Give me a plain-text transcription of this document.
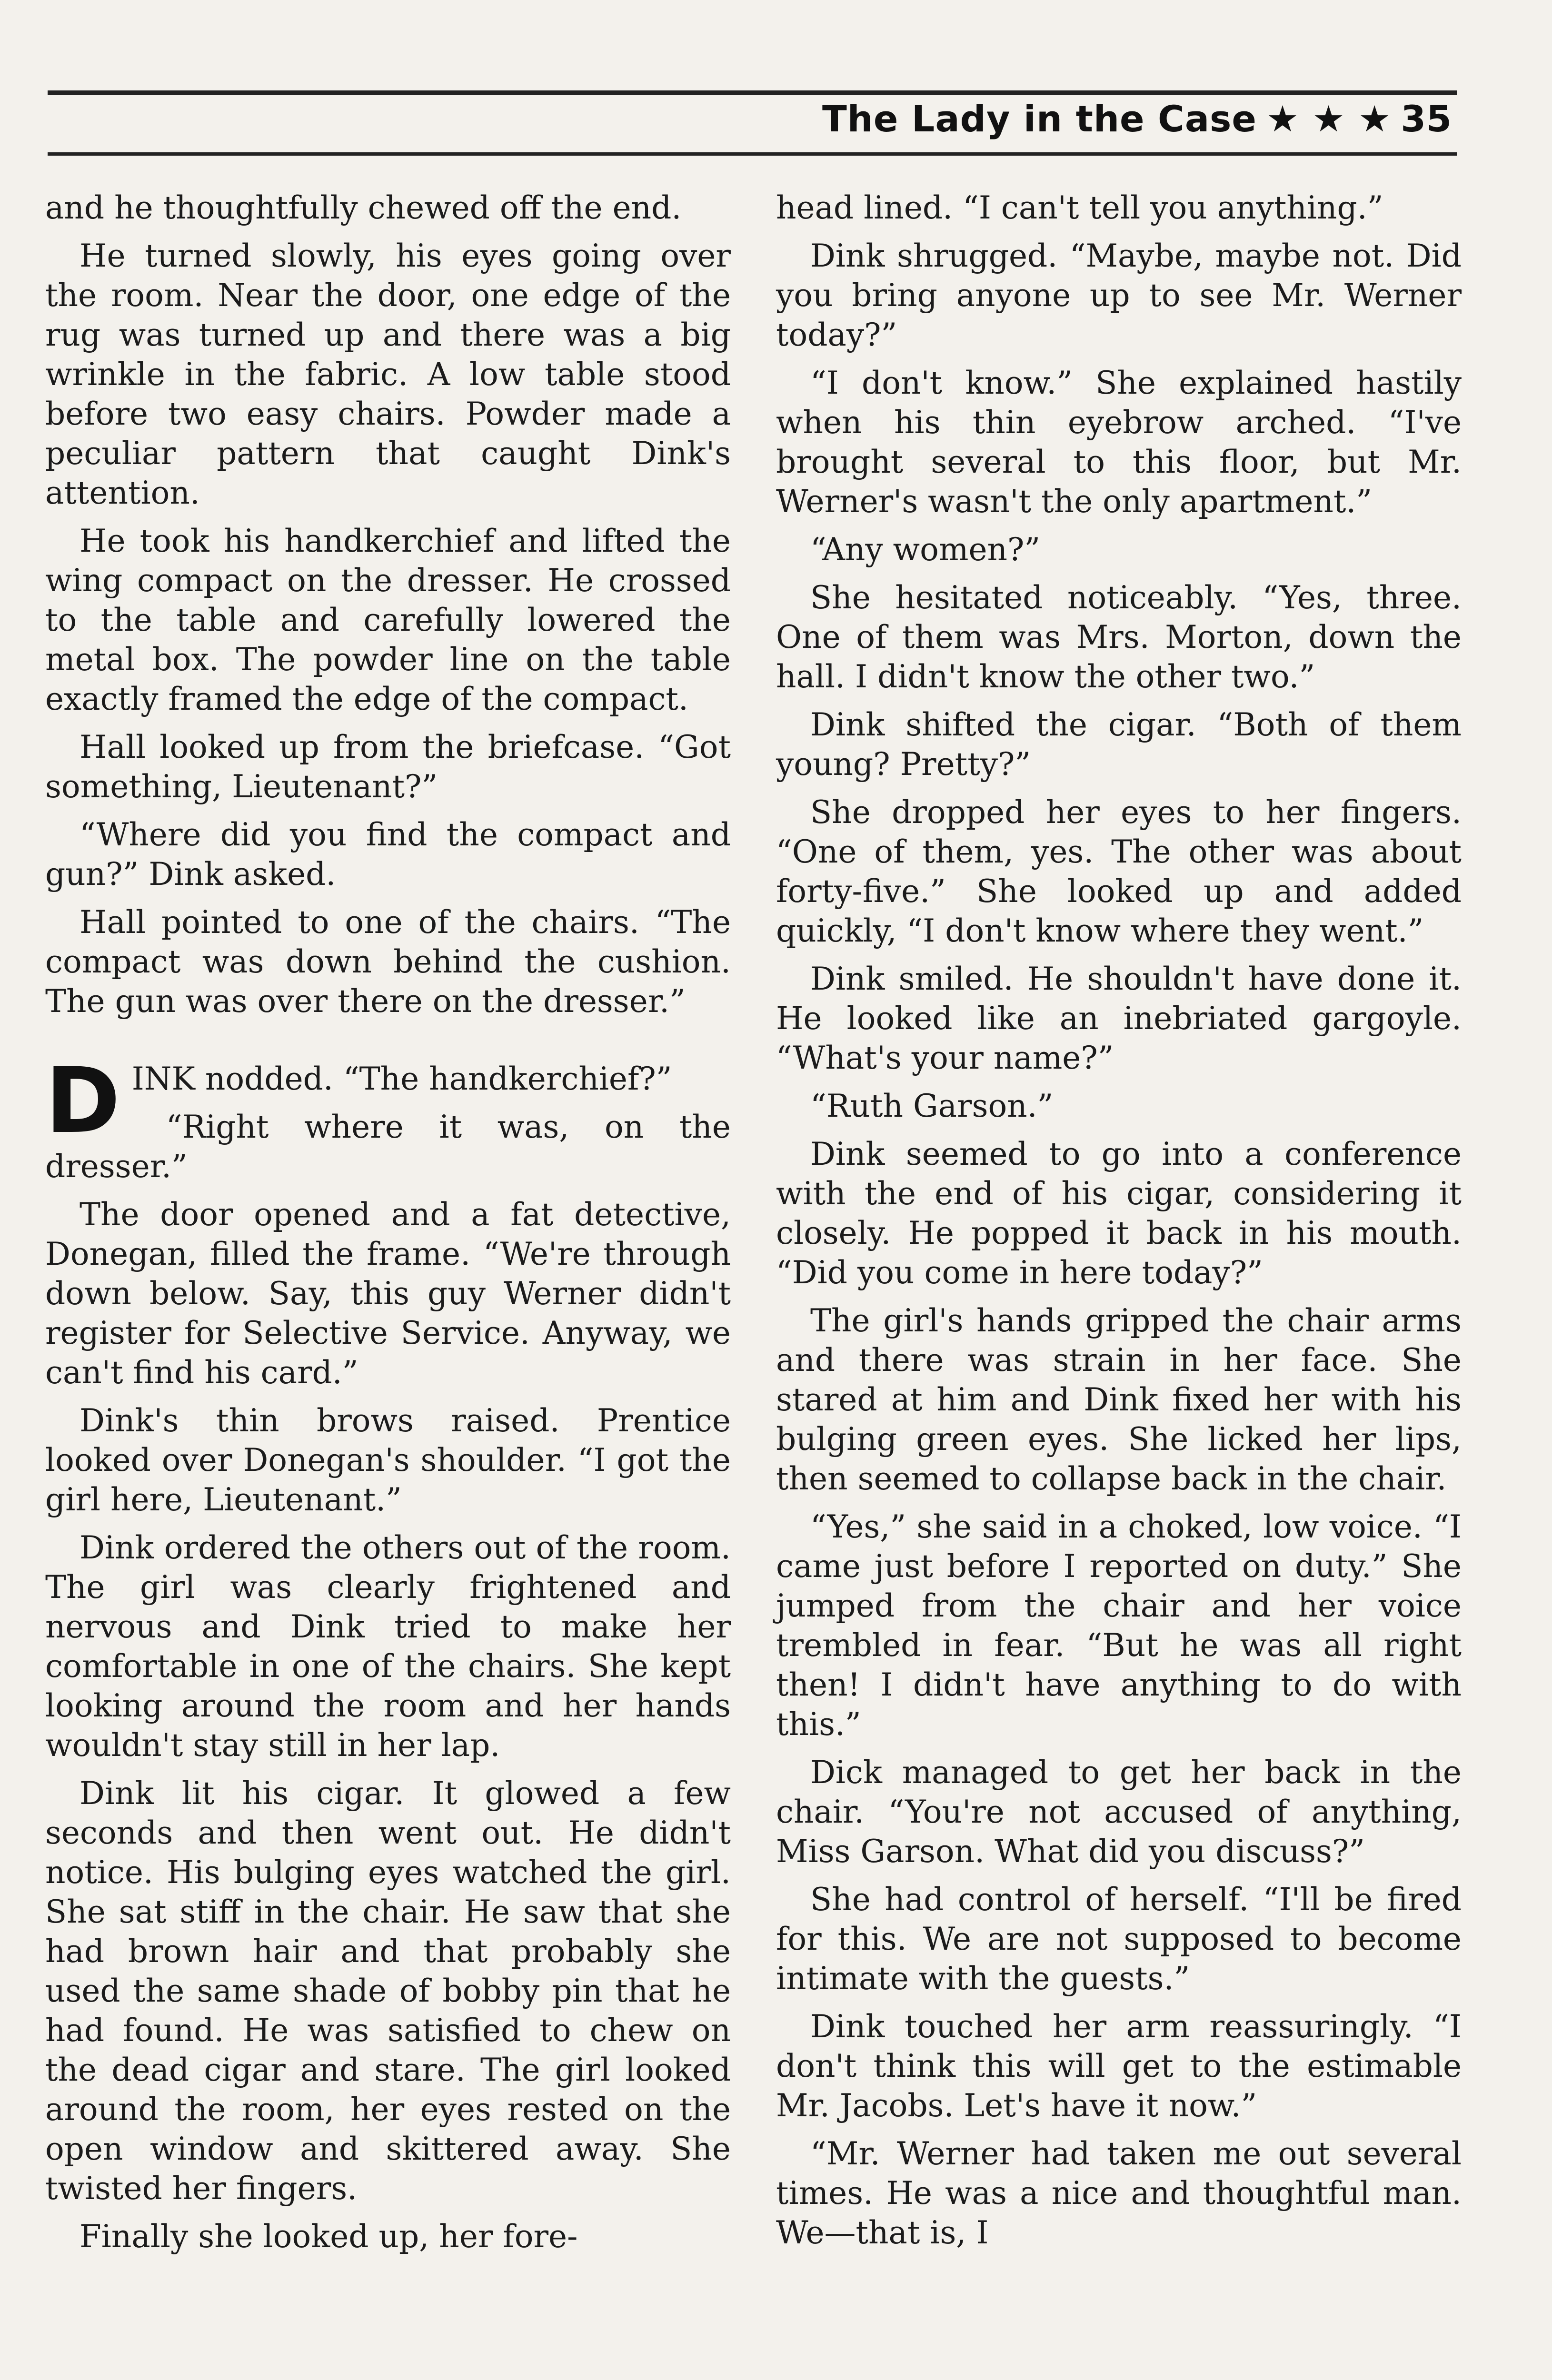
The Lady in the Case ★ ★ ★ 35

and he thoughtfully chewed off the end.

He turned slowly, his eyes going over the room. Near the door, one edge of the rug was turned up and there was a big wrinkle in the fabric. A low table stood before two easy chairs. Powder made a peculiar pattern that caught Dink's attention.

He took his handkerchief and lifted the wing compact on the dresser. He crossed to the table and carefully lowered the metal box. The powder line on the table exactly framed the edge of the compact.

Hall looked up from the briefcase. “Got something, Lieutenant?”

“Where did you find the compact and gun?” Dink asked.

Hall pointed to one of the chairs. “The compact was down behind the cushion. The gun was over there on the dresser.”

DINK nodded. “The handkerchief?”

“Right where it was, on the dresser.”

The door opened and a fat detective, Donegan, filled the frame. “We're through down below. Say, this guy Werner didn't register for Selective Service. Anyway, we can't find his card.”

Dink's thin brows raised. Prentice looked over Donegan's shoulder. “I got the girl here, Lieutenant.”

Dink ordered the others out of the room. The girl was clearly frightened and nervous and Dink tried to make her comfortable in one of the chairs. She kept looking around the room and her hands wouldn't stay still in her lap.

Dink lit his cigar. It glowed a few seconds and then went out. He didn't notice. His bulging eyes watched the girl. She sat stiff in the chair. He saw that she had brown hair and that probably she used the same shade of bobby pin that he had found. He was satisfied to chew on the dead cigar and stare. The girl looked around the room, her eyes rested on the open window and skittered away. She twisted her fingers.

Finally she looked up, her fore-

head lined. “I can't tell you anything.”

Dink shrugged. “Maybe, maybe not. Did you bring anyone up to see Mr. Werner today?”

“I don't know.” She explained hastily when his thin eyebrow arched. “I've brought several to this floor, but Mr. Werner's wasn't the only apartment.”

“Any women?”

She hesitated noticeably. “Yes, three. One of them was Mrs. Morton, down the hall. I didn't know the other two.”

Dink shifted the cigar. “Both of them young? Pretty?”

She dropped her eyes to her fingers. “One of them, yes. The other was about forty-five.” She looked up and added quickly, “I don't know where they went.”

Dink smiled. He shouldn't have done it. He looked like an inebriated gargoyle. “What's your name?”

“Ruth Garson.”

Dink seemed to go into a conference with the end of his cigar, considering it closely. He popped it back in his mouth. “Did you come in here today?”

The girl's hands gripped the chair arms and there was strain in her face. She stared at him and Dink fixed her with his bulging green eyes. She licked her lips, then seemed to collapse back in the chair.

“Yes,” she said in a choked, low voice. “I came just before I reported on duty.” She jumped from the chair and her voice trembled in fear. “But he was all right then! I didn't have anything to do with this.”

Dick managed to get her back in the chair. “You're not accused of anything, Miss Garson. What did you discuss?”

She had control of herself. “I'll be fired for this. We are not supposed to become intimate with the guests.”

Dink touched her arm reassuringly. “I don't think this will get to the estimable Mr. Jacobs. Let's have it now.”

“Mr. Werner had taken me out several times. He was a nice and thoughtful man. We—that is, I
